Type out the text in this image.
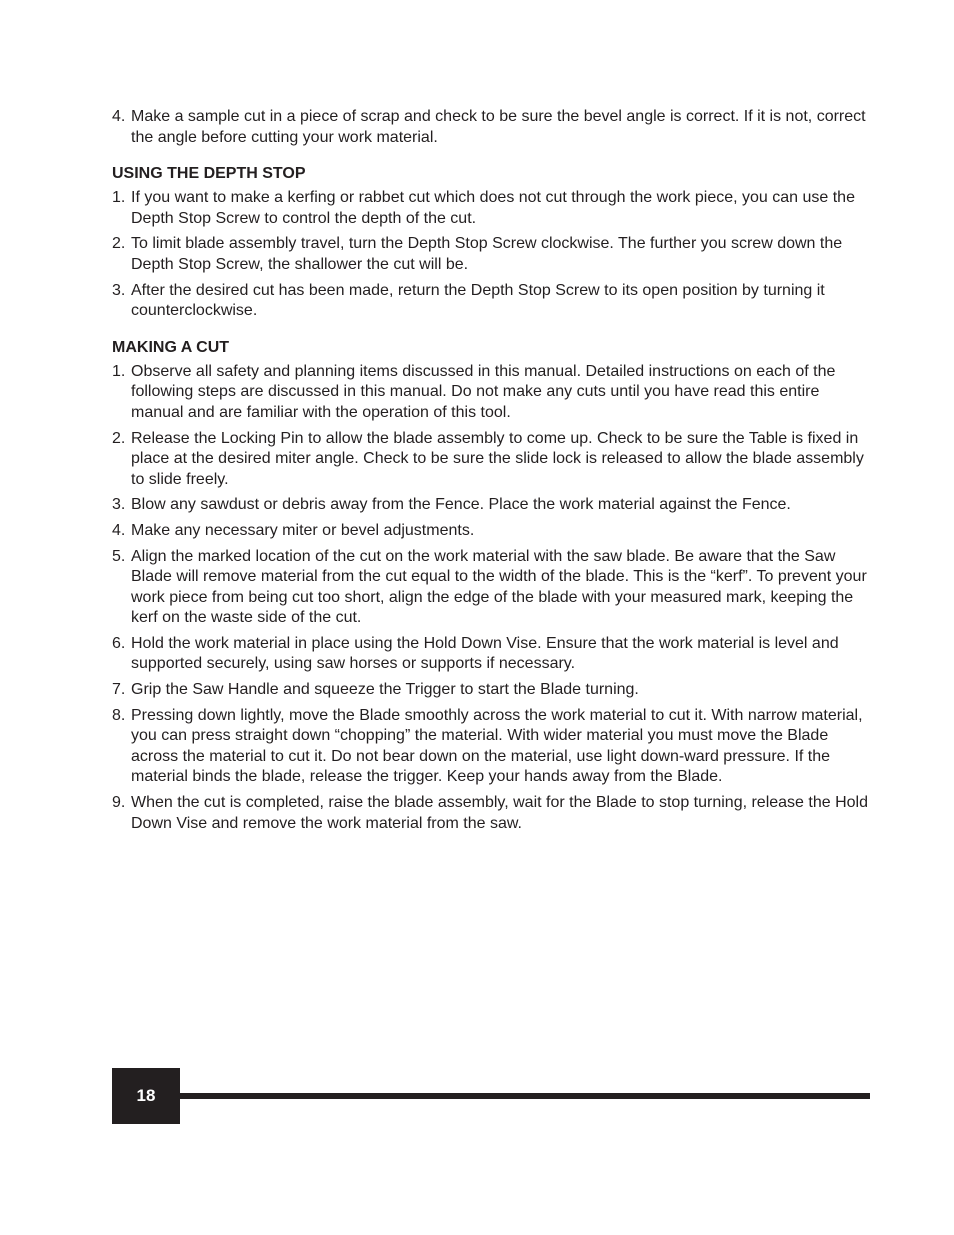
4. Make a sample cut in a piece of scrap and check to be sure the bevel angle is correct. If it is not, correct the angle before cutting your work material.
USING THE DEPTH STOP
1. If you want to make a kerfing or rabbet cut which does not cut through the work piece, you can use the Depth Stop Screw to control the depth of the cut.
2. To limit blade assembly travel, turn the Depth Stop Screw clockwise. The further you screw down the Depth Stop Screw, the shallower the cut will be.
3. After the desired cut has been made, return the Depth Stop Screw to its open position by turning it counterclockwise.
MAKING A CUT
1. Observe all safety and planning items discussed in this manual. Detailed instructions on each of the following steps are discussed in this manual. Do not make any cuts until you have read this entire manual and are familiar with the operation of this tool.
2. Release the Locking Pin to allow the blade assembly to come up. Check to be sure the Table is fixed in place at the desired miter angle. Check to be sure the slide lock is released to allow the blade assembly to slide freely.
3. Blow any sawdust or debris away from the Fence. Place the work material against the Fence.
4. Make any necessary miter or bevel adjustments.
5. Align the marked location of the cut on the work material with the saw blade. Be aware that the Saw Blade will remove material from the cut equal to the width of the blade. This is the “kerf”. To prevent your work piece from being cut too short, align the edge of the blade with your measured mark, keeping the kerf on the waste side of the cut.
6. Hold the work material in place using the Hold Down Vise. Ensure that the work material is level and supported securely, using saw horses or supports if necessary.
7. Grip the Saw Handle and squeeze the Trigger to start the Blade turning.
8. Pressing down lightly, move the Blade smoothly across the work material to cut it. With narrow material, you can press straight down “chopping” the material. With wider material you must move the Blade across the material to cut it. Do not bear down on the material, use light down-ward pressure. If the material binds the blade, release the trigger. Keep your hands away from the Blade.
9. When the cut is completed, raise the blade assembly, wait for the Blade to stop turning, release the Hold Down Vise and remove the work material from the saw.
18
